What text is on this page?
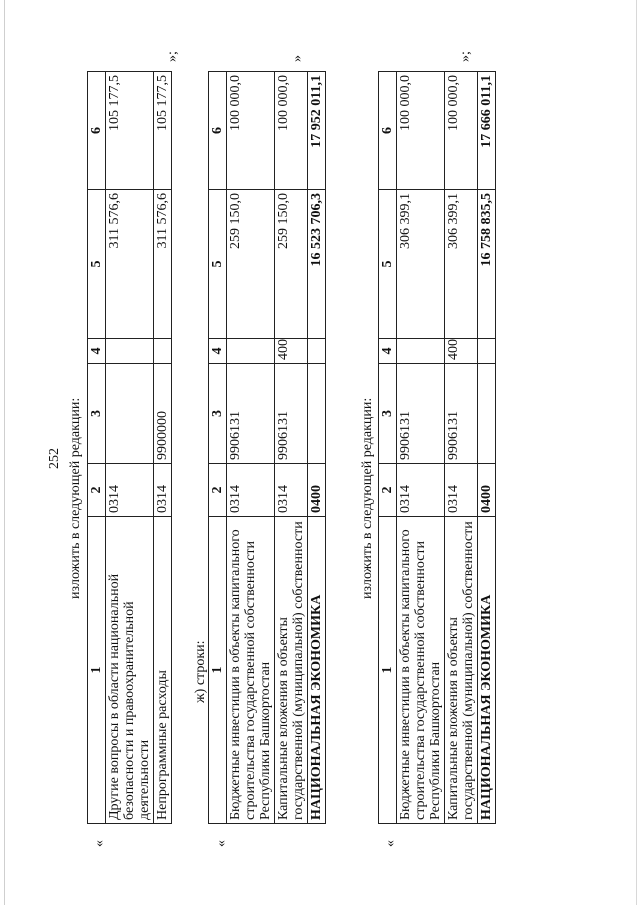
252 изложить в следующей редакции:
«
1	2	3	4	5	6
Другие вопросы в области национальной безопасности и правоохранительной деятельности	0314			311 576,6	105 177,5
Непрограммные расходы	0314	9900000		311 576,6	105 177,5
»;
ж) строки:
«
1	2	3	4	5	6
Бюджетные инвестиции в объекты капитального строительства государственной собственности Республики Башкортостан	0314	9906131		259 150,0	100 000,0
Капитальные вложения в объекты государственной (муниципальной) собственности	0314	9906131	400	259 150,0	100 000,0
НАЦИОНАЛЬНАЯ ЭКОНОМИКА	0400			16 523 706,3	17 952 011,1
»
изложить в следующей редакции:
«
1	2	3	4	5	6
Бюджетные инвестиции в объекты капитального строительства государственной собственности Республики Башкортостан	0314	9906131		306 399,1	100 000,0
Капитальные вложения в объекты государственной (муниципальной) собственности	0314	9906131	400	306 399,1	100 000,0
НАЦИОНАЛЬНАЯ ЭКОНОМИКА	0400			16 758 835,5	17 666 011,1
»;
